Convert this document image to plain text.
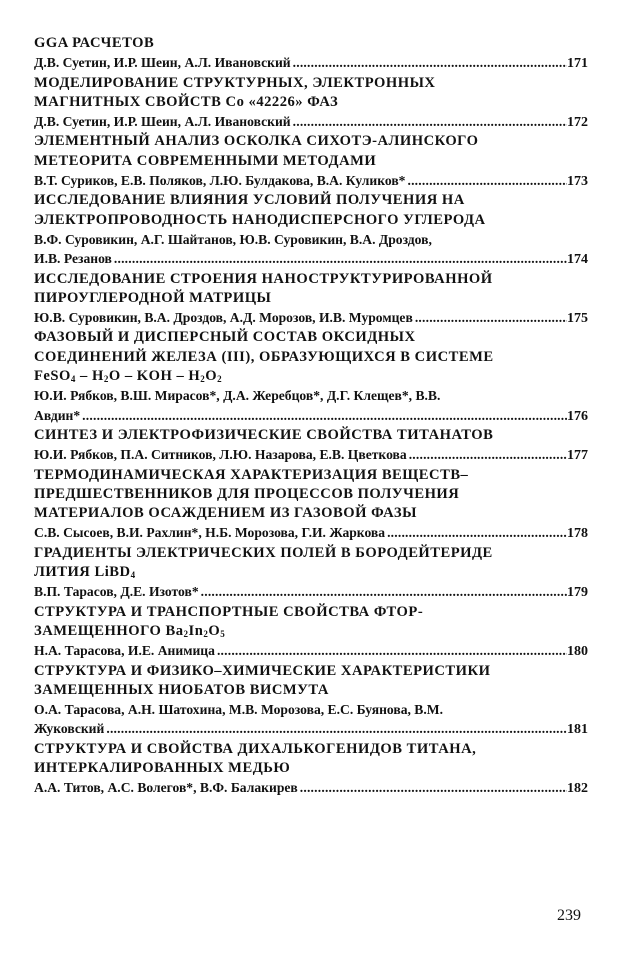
GGA РАСЧЕТОВ
Д.В. Суетин, И.Р. Шеин, А.Л. Ивановский .....	171
МОДЕЛИРОВАНИЕ СТРУКТУРНЫХ, ЭЛЕКТРОННЫХ
МАГНИТНЫХ СВОЙСТВ Со «42226» ФАЗ
Д.В. Суетин, И.Р. Шеин, А.Л. Ивановский .....	172
ЭЛЕМЕНТНЫЙ АНАЛИЗ ОСКОЛКА СИХОТЭ-АЛИНСКОГО
МЕТЕОРИТА СОВРЕМЕННЫМИ МЕТОДАМИ
В.Т. Суриков, Е.В. Поляков, Л.Ю. Булдакова, В.А. Куликов* .....	173
ИССЛЕДОВАНИЕ ВЛИЯНИЯ УСЛОВИЙ ПОЛУЧЕНИЯ НА
ЭЛЕКТРОПРОВОДНОСТЬ НАНОДИСПЕРСНОГО УГЛЕРОДА
В.Ф. Суровикин, А.Г. Шайтанов, Ю.В. Суровикин, В.А. Дроздов,
И.В. Резанов .....	174
ИССЛЕДОВАНИЕ СТРОЕНИЯ НАНОСТРУКТУРИРОВАННОЙ
ПИРОУГЛЕРОДНОЙ МАТРИЦЫ
Ю.В. Суровикин, В.А. Дроздов, А.Д. Морозов, И.В. Муромцев .....	175
ФАЗОВЫЙ И ДИСПЕРСНЫЙ СОСТАВ ОКСИДНЫХ
СОЕДИНЕНИЙ ЖЕЛЕЗА (III), ОБРАЗУЮЩИХСЯ В СИСТЕМЕ
FeSO$_4$ – $H_2O$ – KOH – $H_2O_2$
Ю.И. Рябков, В.Ш. Мирасов*, Д.А. Жеребцов*, Д.Г. Клещев*, В.В.
Авдин* .....	176
СИНТЕЗ И ЭЛЕКТРОФИЗИЧЕСКИЕ СВОЙСТВА ТИТАНАТОВ
Ю.И. Рябков, П.А. Ситников, Л.Ю. Назарова, Е.В. Цветкова .....	177
ТЕРМОДИНАМИЧЕСКАЯ ХАРАКТЕРИЗАЦИЯ ВЕЩЕСТВ–
ПРЕДШЕСТВЕННИКОВ ДЛЯ ПРОЦЕССОВ ПОЛУЧЕНИЯ
МАТЕРИАЛОВ ОСАЖДЕНИЕМ ИЗ ГАЗОВОЙ ФАЗЫ
С.В. Сысоев, В.И. Рахлин*, Н.Б. Морозова, Г.И. Жаркова .....	178
ГРАДИЕНТЫ ЭЛЕКТРИЧЕСКИХ ПОЛЕЙ В БОРОДЕЙТЕРИДЕ
ЛИТИЯ LiBD$_4$
В.П. Тарасов, Д.Е. Изотов* .....	179
СТРУКТУРА И ТРАНСПОРТНЫЕ СВОЙСТВА ФТОР-
ЗАМЕЩЕННОГО $Ba_2In_2O_5$
Н.А. Тарасова, И.Е. Анимица .....	180
СТРУКТУРА И ФИЗИКО–ХИМИЧЕСКИЕ ХАРАКТЕРИСТИКИ
ЗАМЕЩЕННЫХ НИОБАТОВ ВИСМУТА
О.А. Тарасова, А.Н. Шатохина, М.В. Морозова, Е.С. Буянова, В.М.
Жуковский .....	181
СТРУКТУРА И СВОЙСТВА ДИХАЛЬКОГЕНИДОВ ТИТАНА,
ИНТЕРКАЛИРОВАННЫХ МЕДЬЮ
А.А. Титов, А.С. Волегов*, В.Ф. Балакирев .....	182
239
